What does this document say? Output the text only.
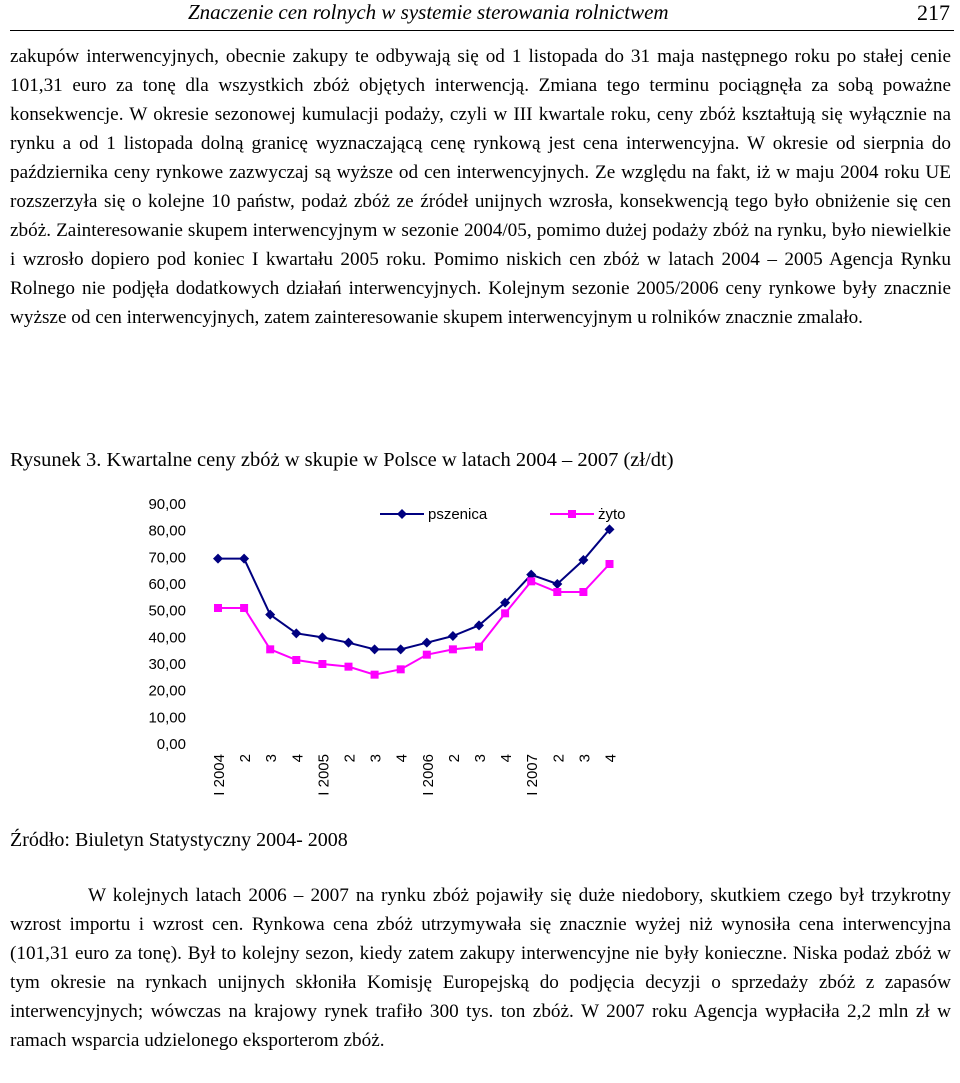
Znaczenie cen rolnych w systemie sterowania rolnictwem	217

zakupów interwencyjnych, obecnie zakupy te odbywają się od 1 listopada do 31 maja następnego roku po stałej cenie 101,31 euro za tonę dla wszystkich zbóż objętych interwencją. Zmiana tego terminu pociągnęła za sobą poważne konsekwencje. W okresie sezonowej kumulacji podaży, czyli w III kwartale roku, ceny zbóż kształtują się wyłącznie na rynku a od 1 listopada dolną granicę wyznaczającą cenę rynkową jest cena interwencyjna. W okresie od sierpnia do października ceny rynkowe zazwyczaj są wyższe od cen interwencyjnych. Ze względu na fakt, iż w maju 2004 roku UE rozszerzyła się o kolejne 10 państw, podaż zbóż ze źródeł unijnych wzrosła, konsekwencją tego było obniżenie się cen zbóż. Zainteresowanie skupem interwencyjnym w sezonie 2004/05, pomimo dużej podaży zbóż na rynku, było niewielkie i wzrosło dopiero pod koniec I kwartału 2005 roku. Pomimo niskich cen zbóż w latach 2004 – 2005 Agencja Rynku Rolnego nie podjęła dodatkowych działań interwencyjnych. Kolejnym sezonie 2005/2006 ceny rynkowe były znacznie wyższe od cen interwencyjnych, zatem zainteresowanie skupem interwencyjnym u rolników znacznie zmalało.

Rysunek 3. Kwartalne ceny zbóż w skupie w Polsce w latach 2004 – 2007 (zł/dt)

0,00
10,00
20,00
30,00
40,00
50,00
60,00
70,00
80,00
90,00
I 2004 2 3 4 I 2005 2 3 4 I 2006 2 3 4 I 2007 2 3 4
pszenica	żyto

Źródło: Biuletyn Statystyczny 2004- 2008

W kolejnych latach 2006 – 2007 na rynku zbóż pojawiły się duże niedobory, skutkiem czego był trzykrotny wzrost importu i wzrost cen. Rynkowa cena zbóż utrzymywała się znacznie wyżej niż wynosiła cena interwencyjna (101,31 euro za tonę). Był to kolejny sezon, kiedy zatem zakupy interwencyjne nie były konieczne. Niska podaż zbóż w tym okresie na rynkach unijnych skłoniła Komisję Europejską do podjęcia decyzji o sprzedaży zbóż z zapasów interwencyjnych; wówczas na krajowy rynek trafiło 300 tys. ton zbóż. W 2007 roku Agencja wypłaciła 2,2 mln zł w ramach wsparcia udzielonego eksporterom zbóż.
